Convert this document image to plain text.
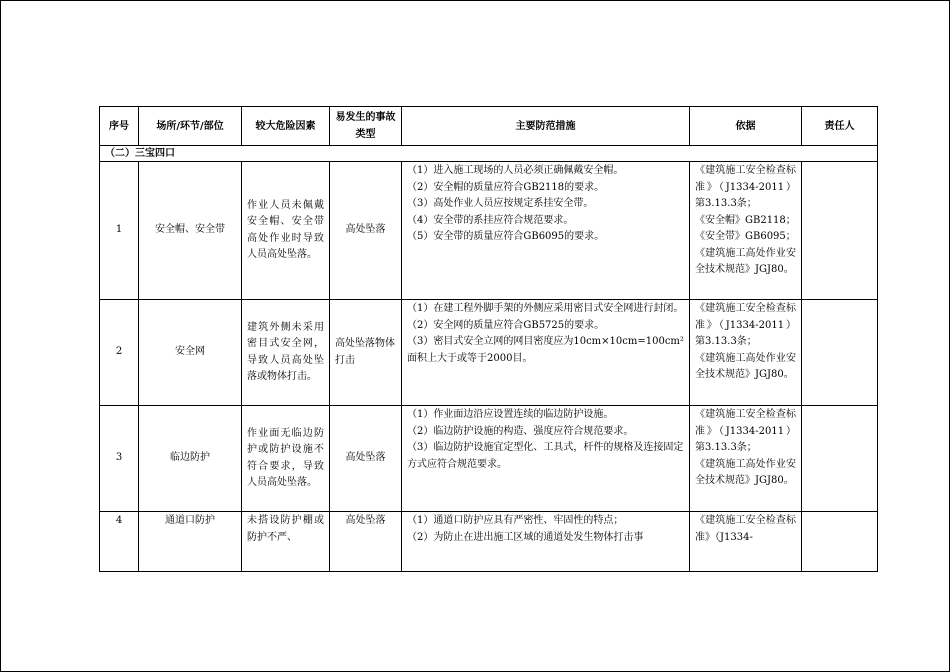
序号	场所/环节/部位	较大危险因素	易发生的事故类型	主要防范措施	依据	责任人
（二）三宝四口						
1	安全帽、安全带	作业人员未佩戴安全帽、安全带高处作业时导致人员高处坠落。	高处坠落	（1）进入施工现场的人员必须正确佩戴安全帽。
（2）安全帽的质量应符合GB2118的要求。
（3）高处作业人员应按规定系挂安全带。
（4）安全带的系挂应符合规范要求。
（5）安全带的质量应符合GB6095的要求。	《建筑施工安全检查标准》（J1334-2011）第3.13.3条；
《安全帽》GB2118；
《安全带》GB6095；
《建筑施工高处作业安全技术规范》JGJ80。	

2	安全网	建筑外侧未采用密目式安全网，导致人员高处坠落或物体打击。	高处坠落物体打击	（1）在建工程外脚手架的外侧应采用密目式安全网进行封闭。
（2）安全网的质量应符合GB5725的要求。
（3）密目式安全立网的网目密度应为10cm×10cm=100cm²面积上大于或等于2000目。	《建筑施工安全检查标准》（J1334-2011）第3.13.3条；
《建筑施工高处作业安全技术规范》JGJ80。	

3	临边防护	作业面无临边防护或防护设施不符合要求，导致人员高处坠落。	高处坠落	（1）作业面边沿应设置连续的临边防护设施。
（2）临边防护设施的构造、强度应符合规范要求。
（3）临边防护设施宜定型化、工具式，杆件的规格及连接固定方式应符合规范要求。	《建筑施工安全检查标准》（J1334-2011）第3.13.3条；
《建筑施工高处作业安全技术规范》JGJ80。	

4	通道口防护	未搭设防护棚或防护不严、	高处坠落	（1）通道口防护应具有严密性、牢固性的特点；
（2）为防止在进出施工区域的通道处发生物体打击事	《建筑施工安全检查标准》（J1334-	
